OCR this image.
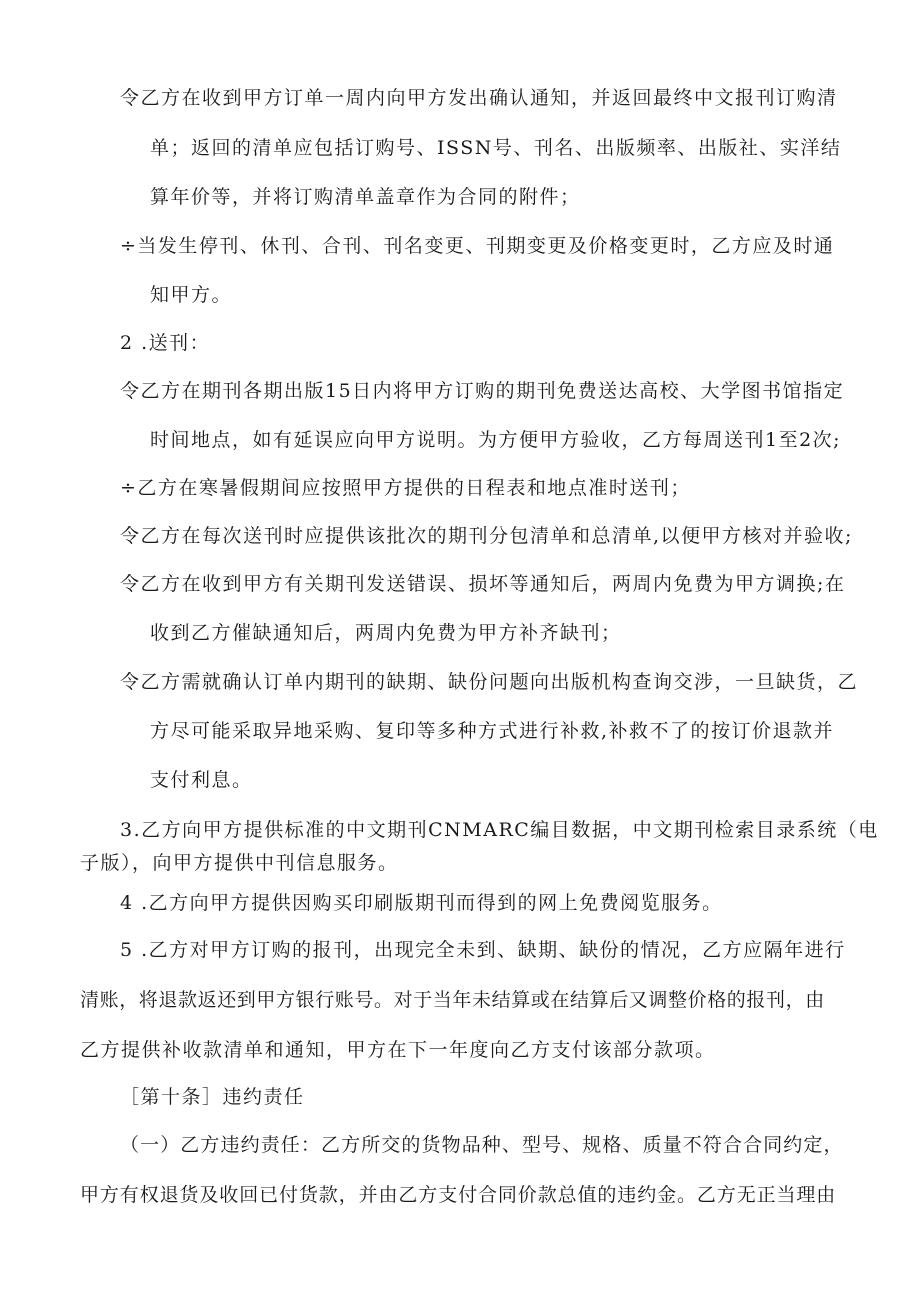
令乙方在收到甲方订单一周内向甲方发出确认通知，并返回最终中文报刊订购清
单；返回的清单应包括订购号、ISSN号、刊名、出版频率、出版社、实洋结
算年价等，并将订购清单盖章作为合同的附件；
÷当发生停刊、休刊、合刊、刊名变更、刊期变更及价格变更时，乙方应及时通
知甲方。
2 .送刊：
令乙方在期刊各期出版15日内将甲方订购的期刊免费送达高校、大学图书馆指定
时间地点，如有延误应向甲方说明。为方便甲方验收，乙方每周送刊1至2次;
÷乙方在寒暑假期间应按照甲方提供的日程表和地点准时送刊；
令乙方在每次送刊时应提供该批次的期刊分包清单和总清单,以便甲方核对并验收;
令乙方在收到甲方有关期刊发送错误、损坏等通知后，两周内免费为甲方调换;在
收到乙方催缺通知后，两周内免费为甲方补齐缺刊；
令乙方需就确认订单内期刊的缺期、缺份问题向出版机构查询交涉，一旦缺货，乙
方尽可能采取异地采购、复印等多种方式进行补救,补救不了的按订价退款并
支付利息。
3.乙方向甲方提供标准的中文期刊CNMARC编目数据，中文期刊检索目录系统（电
子版），向甲方提供中刊信息服务。
4 .乙方向甲方提供因购买印刷版期刊而得到的网上免费阅览服务。
5 .乙方对甲方订购的报刊，出现完全未到、缺期、缺份的情况，乙方应隔年进行
清账，将退款返还到甲方银行账号。对于当年未结算或在结算后又调整价格的报刊，由
乙方提供补收款清单和通知，甲方在下一年度向乙方支付该部分款项。
［第十条］违约责任
（一）乙方违约责任：乙方所交的货物品种、型号、规格、质量不符合合同约定，
甲方有权退货及收回已付货款，并由乙方支付合同价款总值的违约金。乙方无正当理由
